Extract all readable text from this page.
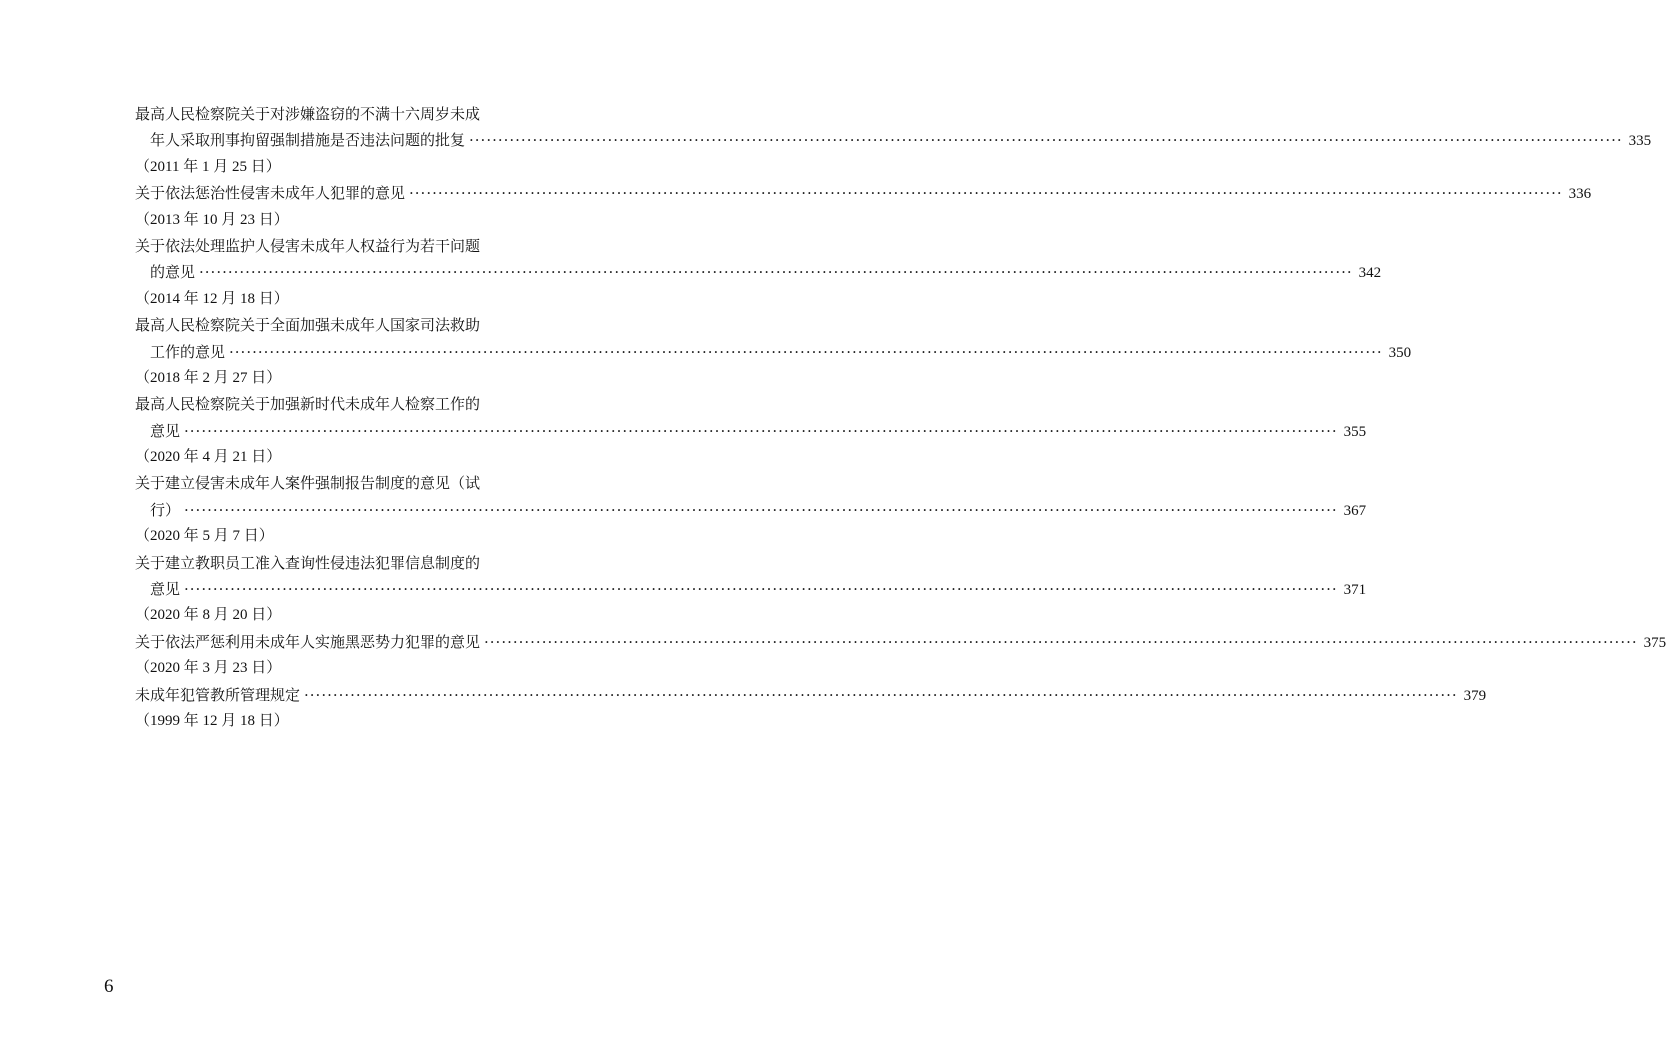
最高人民检察院关于对涉嫌盗窃的不满十六周岁未成
年人采取刑事拘留强制措施是否违法问题的批复 ········································································································································································································ 335
（2011 年 1 月 25 日）
关于依法惩治性侵害未成年人犯罪的意见 ········································································································································································································ 336
（2013 年 10 月 23 日）
关于依法处理监护人侵害未成年人权益行为若干问题
的意见 ········································································································································································································ 342
（2014 年 12 月 18 日）
最高人民检察院关于全面加强未成年人国家司法救助
工作的意见 ········································································································································································································ 350
（2018 年 2 月 27 日）
最高人民检察院关于加强新时代未成年人检察工作的
意见 ········································································································································································································ 355
（2020 年 4 月 21 日）
关于建立侵害未成年人案件强制报告制度的意见（试
行） ········································································································································································································ 367
（2020 年 5 月 7 日）
关于建立教职员工准入查询性侵违法犯罪信息制度的
意见 ········································································································································································································ 371
（2020 年 8 月 20 日）
关于依法严惩利用未成年人实施黑恶势力犯罪的意见 ········································································································································································································ 375
（2020 年 3 月 23 日）
未成年犯管教所管理规定 ········································································································································································································ 379
（1999 年 12 月 18 日）
6
